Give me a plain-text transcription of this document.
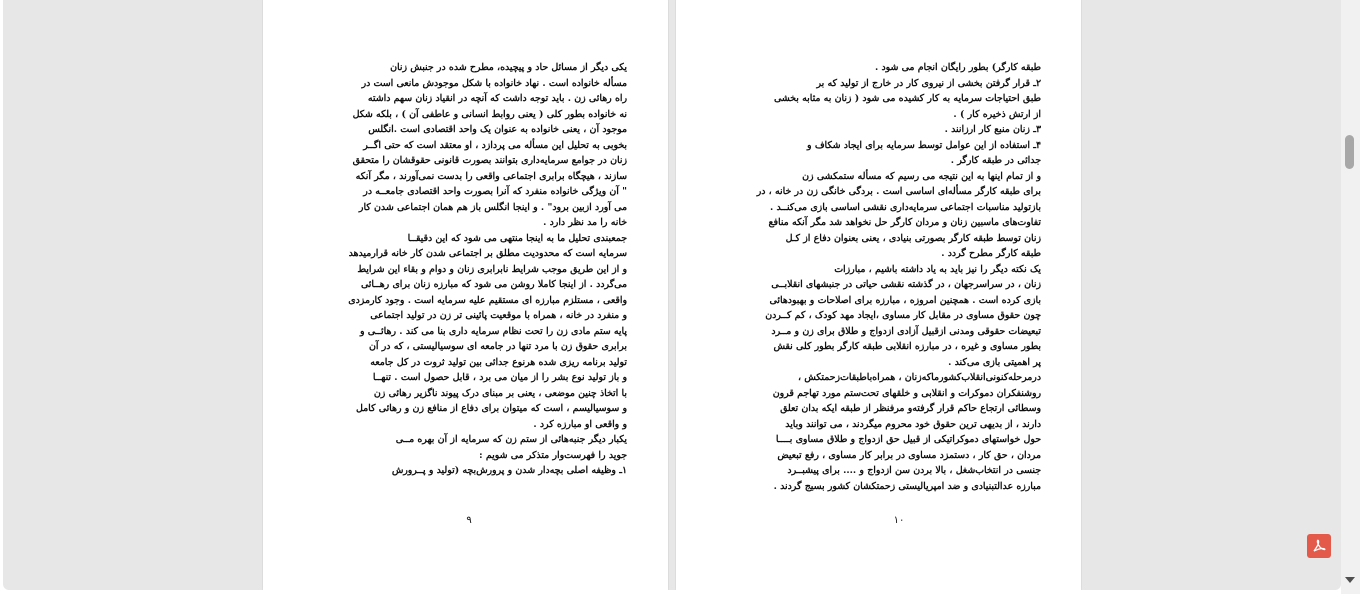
یکی دیگر از مسائل حاد و پیچیده‌، مطرح شده در جنبش زنان
مسأله خانواده است . نهاد خانواده با شکل موجودش مانعی است در
راه رهائی زن . باید توجه داشت که آنچه در انقیاد زنان سهم داشته
نه خانواده بطور کلی ( یعنی روابط انسانی و عاطفی آن ) ، بلکه شکل
موجود آن ، یعنی خانواده به عنوان یک واحد اقتصادی است .انگلس
بخوبی به تحلیل این مسأله می پردازد ، او معتقد است که حتی اگــر
زنان در جوامع سرمایه‌داری بتوانند بصورت قانونی حقوقشان را متحقق
سازند ، هیچگاه برابری اجتماعی واقعی را بدست نمی‌آورند ، مگر آنکه
" آن ویژگی خانواده منفرد که آنرا بصورت واحد اقتصادی جامعــه در
می آورد ازبین برود" . و اینجا انگلس باز هم همان اجتماعی شدن کار
خانه را مد نظر دارد .
جمعبندی تحلیل ما به اینجا منتهی می شود که این دقیقــا
سرمایه است که محدودیت مطلق بر اجتماعی شدن کار خانه قرارمیدهد
و از این طریق موجب شرایط نابرابری زنان و دوام و بقاء این شرایط
می‌گردد . از اینجا کاملا روشن می شود که مبارزه زنان برای رهــائی
واقعی ، مستلزم مبارزه ای مستقیم علیه سرمایه است . وجود کارمزدی
و منفرد در خانه ، همراه با موقعیت پائینی تر زن در تولید اجتماعی
پایه ستم مادی زن را تحت نظام سرمایه داری بنا می کند . رهائــی و
برابری حقوق زن با مرد تنها در جامعه ای سوسیالیستی ، که در آن
تولید برنامه ریزی شده هرنوع جدائی بین تولید ثروت در کل جامعه
و باز تولید نوع بشر را از میان می برد ، قابل حصول است . تنهــا
با اتخاذ چنین موضعی ، یعنی بر مبنای درک پیوند ناگزیر رهائی زن
و سوسیالیسم ، است که میتوان برای دفاع از منافع زن و رهائی کامل
و واقعی او مبارزه کرد .
یکبار دیگر جنبه‌هائی از ستم زن که سرمایه از آن بهره مــی
جوید را فهرست‌وار متذکر می شویم :
۱ـ وظیفه اصلی بچه‌دار شدن و پرورش‌بچه (تولید و پــرورش
۹
طبقه کارگر) بطور رایگان انجام می شود .
۲ـ قرار گرفتن بخشی از نیروی کار در خارج از تولید که بر
طبق احتیاجات سرمایه به کار کشیده می شود ( زنان به مثابه بخشی
از ارتش ذخیره کار ) .
۳ـ زنان منبع کار ارزانند .
۴ـ استفاده از این عوامل توسط سرمایه برای ایجاد شکاف و
جدائی در طبقه کارگر .
و از تمام اینها به این نتیجه می رسیم که مسأله ستمکشی زن
برای طبقه کارگر مسأله‌ای اساسی است . بردگی خانگی زن در خانه ، در
بازتولید مناسبات اجتماعی سرمایه‌داری نقشی اساسی بازی می‌کنــد .
تفاوت‌های ماسبین زنان و مردان کارگر حل نخواهد شد مگر آنکه منافع
زنان توسط طبقه کارگر بصورتی بنیادی ، یعنی بعنوان دفاع از کـل
طبقه کارگر مطرح گردد .
یک نکته دیگر را نیز باید به یاد داشته باشیم ، مبارزات
زنان ، در سراسرجهان ، در گذشته نقشی حیاتی در جنبشهای انقلابــی
بازی کرده است . همچنین امروزه ، مبارزه برای اصلاحات و بهبودهائی
چون حقوق مساوی در مقابل کار مساوی ،ایجاد مهد کودک ، کم کــردن
تبعیضات حقوقی ومدنی ازقبیل آزادی ازدواج و طلاق برای زن و مــرد
بطور مساوی و غیره ، در مبارزه انقلابی طبقه کارگر بطور کلی نقش
پر اهمیتی بازی می‌کند .
درمرحله‌کنونی‌انقلاب‌کشورما‌که‌زنان ، همراه‌با‌طبقات‌زحمتکش ،
روشنفکران دموکرات و انقلابی و خلقهای تحت‌ستم مورد تهاجم قرون
وسطائی ارتجاع حاکم قرار گرفته‌و مرفنظر از طبقه ایکه بدان تعلق
دارند ، از بدیهی ترین حقوق خود محروم میگردند ، می توانند وباید
حول خواستهای دموکراتیکی از قبیل حق ازدواج و طلاق مساوی بــــا
مردان ، حق کار ، دستمزد مساوی در برابر کار مساوی ، رفع تبعیض
جنسی در انتخاب‌شغل ، بالا بردن سن ازدواج و .... برای پیشبــرد
مبارزه عدالتبنیادی و ضد امپریالیستی زحمتکشان کشور بسیج گردند .
۱۰
